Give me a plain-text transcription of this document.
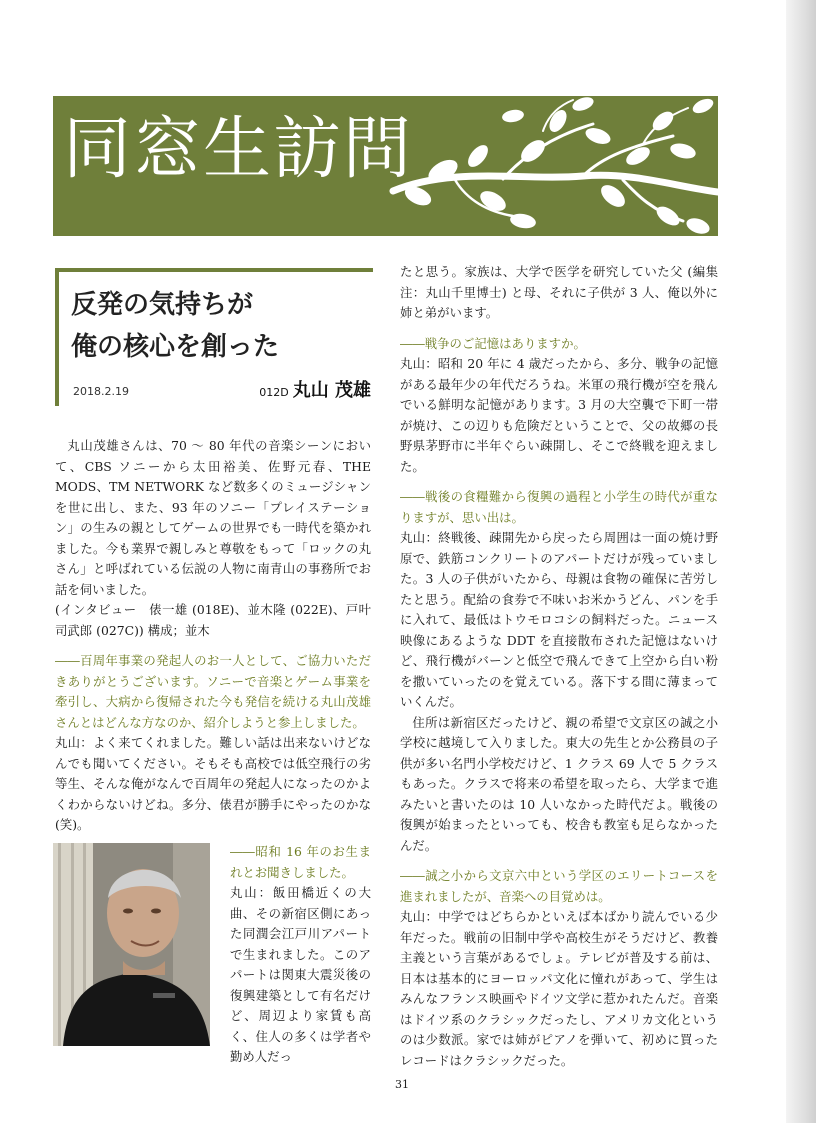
同窓生訪問
反発の気持ちが
俺の核心を創った
2018.2.19	012D 丸山 茂雄

丸山茂雄さんは、70 ～ 80 年代の音楽シーンにおいて、CBS ソニーから太田裕美、佐野元春、THE MODS、TM NETWORK など数多くのミュージシャンを世に出し、また、93 年のソニー「プレイステーション」の生みの親としてゲームの世界でも一時代を築かれました。今も業界で親しみと尊敬をもって「ロックの丸さん」と呼ばれている伝説の人物に南青山の事務所でお話を伺いました。

(インタビュー　俵一雄 (018E)、並木隆 (022E)、戸叶司武郎 (027C)) 構成；並木

――百周年事業の発起人のお一人として、ご協力いただきありがとうございます。ソニーで音楽とゲーム事業を牽引し、大病から復帰された今も発信を続ける丸山茂雄さんとはどんな方なのか、紹介しようと参上しました。

丸山：よく来てくれました。難しい話は出来ないけどなんでも聞いてください。そもそも高校では低空飛行の劣等生、そんな俺がなんで百周年の発起人になったのかよくわからないけどね。多分、俵君が勝手にやったのかな (笑)。

――昭和 16 年のお生まれとお聞きしました。

丸山：飯田橋近くの大曲、その新宿区側にあった同潤会江戸川アパートで生まれました。このアパートは関東大震災後の復興建築として有名だけど、周辺より家賃も高く、住人の多くは学者や勤め人だっ

たと思う。家族は、大学で医学を研究していた父 (編集注：丸山千里博士) と母、それに子供が 3 人、俺以外に姉と弟がいます。

――戦争のご記憶はありますか。

丸山：昭和 20 年に 4 歳だったから、多分、戦争の記憶がある最年少の年代だろうね。米軍の飛行機が空を飛んでいる鮮明な記憶があります。3 月の大空襲で下町一帯が焼け、この辺りも危険だということで、父の故郷の長野県茅野市に半年ぐらい疎開し、そこで終戦を迎えました。

――戦後の食糧難から復興の過程と小学生の時代が重なりますが、思い出は。

丸山：終戦後、疎開先から戻ったら周囲は一面の焼け野原で、鉄筋コンクリートのアパートだけが残っていました。3 人の子供がいたから、母親は食物の確保に苦労したと思う。配給の食券で不味いお米かうどん、パンを手に入れて、最低はトウモロコシの飼料だった。ニュース映像にあるような DDT を直接散布された記憶はないけど、飛行機がバーンと低空で飛んできて上空から白い粉を撒いていったのを覚えている。落下する間に薄まっていくんだ。

住所は新宿区だったけど、親の希望で文京区の誠之小学校に越境して入りました。東大の先生とか公務員の子供が多い名門小学校だけど、1 クラス 69 人で 5 クラスもあった。クラスで将来の希望を取ったら、大学まで進みたいと書いたのは 10 人いなかった時代だよ。戦後の復興が始まったといっても、校舎も教室も足らなかったんだ。

――誠之小から文京六中という学区のエリートコースを進まれましたが、音楽への目覚めは。

丸山：中学ではどちらかといえば本ばかり読んでいる少年だった。戦前の旧制中学や高校生がそうだけど、教養主義という言葉があるでしょ。テレビが普及する前は、日本は基本的にヨーロッパ文化に憧れがあって、学生はみんなフランス映画やドイツ文学に惹かれたんだ。音楽はドイツ系のクラシックだったし、アメリカ文化というのは少数派。家では姉がピアノを弾いて、初めに買ったレコードはクラシックだった。

31
